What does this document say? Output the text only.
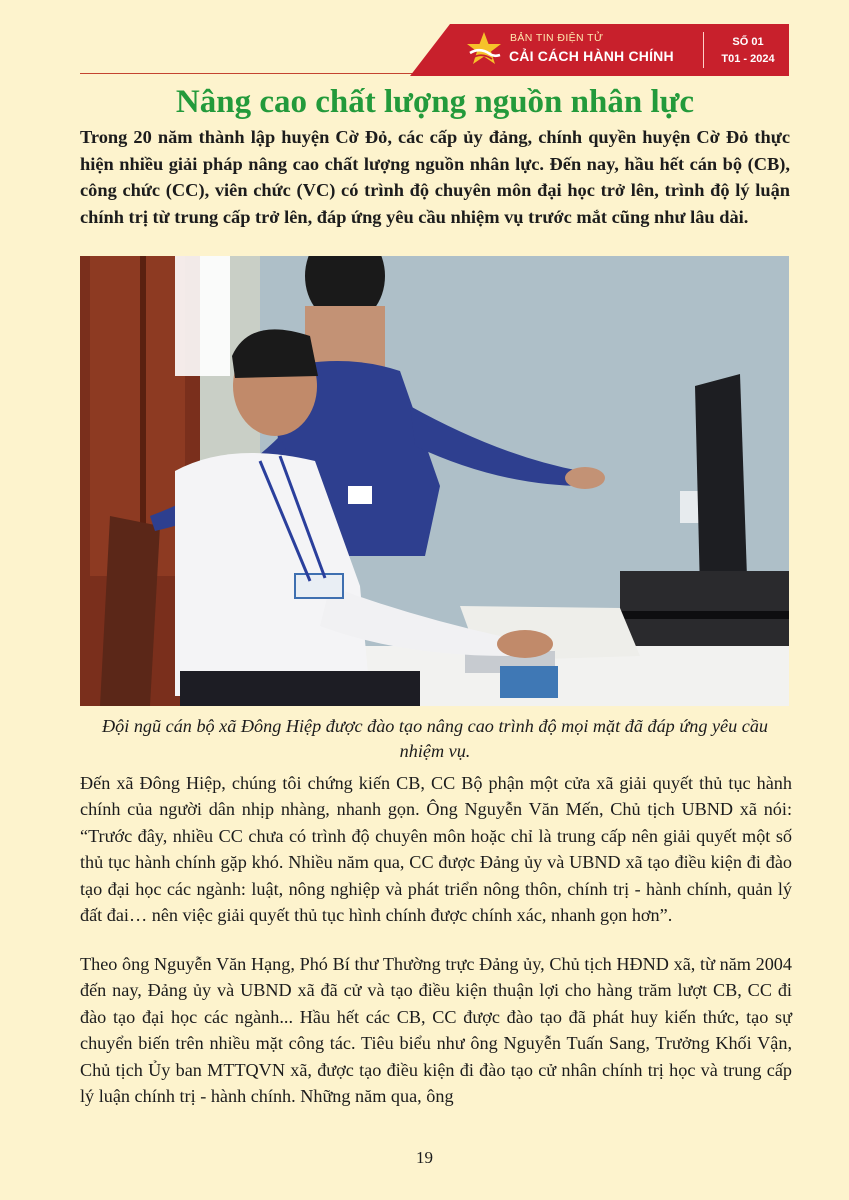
BẢN TIN ĐIỆN TỬ
CẢI CÁCH HÀNH CHÍNH
SỐ 01
T01 - 2024
Nâng cao chất lượng nguồn nhân lực

Trong 20 năm thành lập huyện Cờ Đỏ, các cấp ủy đảng, chính quyền huyện Cờ Đỏ thực hiện nhiều giải pháp nâng cao chất lượng nguồn nhân lực. Đến nay, hầu hết cán bộ (CB), công chức (CC), viên chức (VC) có trình độ chuyên môn đại học trở lên, trình độ lý luận chính trị từ trung cấp trở lên, đáp ứng yêu cầu nhiệm vụ trước mắt cũng như lâu dài.

Đội ngũ cán bộ xã Đông Hiệp được đào tạo nâng cao trình độ mọi mặt đã đáp ứng yêu cầu nhiệm vụ.

Đến xã Đông Hiệp, chúng tôi chứng kiến CB, CC Bộ phận một cửa xã giải quyết thủ tục hành chính của người dân nhịp nhàng, nhanh gọn. Ông Nguyễn Văn Mến, Chủ tịch UBND xã nói: “Trước đây, nhiều CC chưa có trình độ chuyên môn hoặc chỉ là trung cấp nên giải quyết một số thủ tục hành chính gặp khó. Nhiều năm qua, CC được Đảng ủy và UBND xã tạo điều kiện đi đào tạo đại học các ngành: luật, nông nghiệp và phát triển nông thôn, chính trị - hành chính, quản lý đất đai… nên việc giải quyết thủ tục hình chính được chính xác, nhanh gọn hơn”.

Theo ông Nguyễn Văn Hạng, Phó Bí thư Thường trực Đảng ủy, Chủ tịch HĐND xã, từ năm 2004 đến nay, Đảng ủy và UBND xã đã cử và tạo điều kiện thuận lợi cho hàng trăm lượt CB, CC đi đào tạo đại học các ngành... Hầu hết các CB, CC được đào tạo đã phát huy kiến thức, tạo sự chuyển biến trên nhiều mặt công tác. Tiêu biểu như ông Nguyễn Tuấn Sang, Trưởng Khối Vận, Chủ tịch Ủy ban MTTQVN xã, được tạo điều kiện đi đào tạo cử nhân chính trị học và trung cấp lý luận chính trị - hành chính. Những năm qua, ông

19
